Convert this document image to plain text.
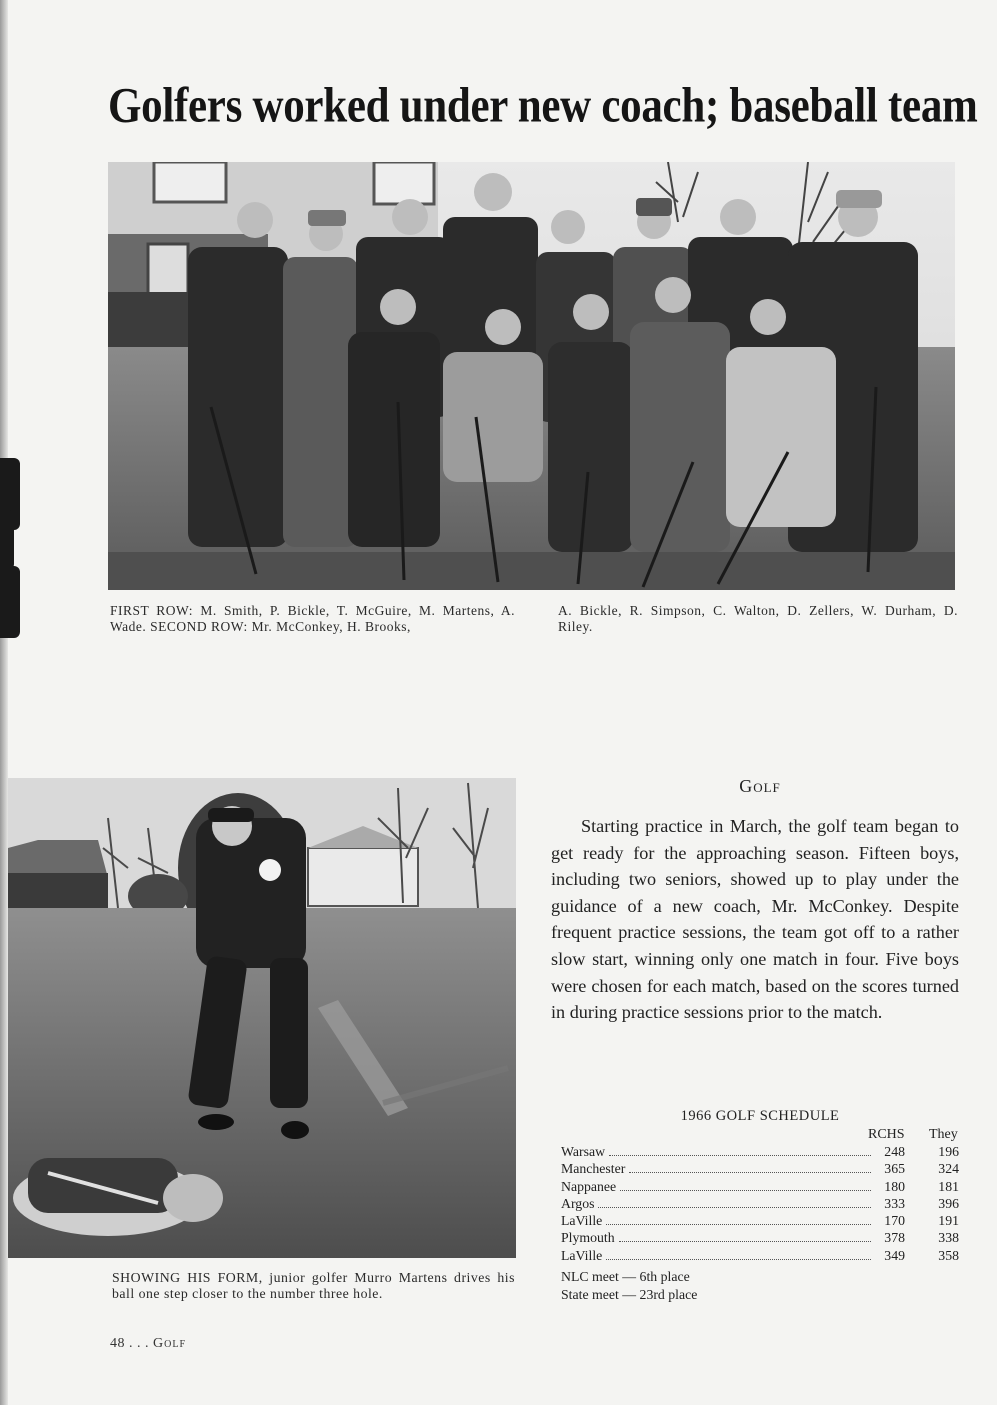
Golfers worked under new coach; baseball team
FIRST ROW: M. Smith, P. Bickle, T. McGuire, M. Martens, A. Wade. SECOND ROW: Mr. McConkey, H. Brooks,
A. Bickle, R. Simpson, C. Walton, D. Zellers, W. Durham, D. Riley.
SHOWING HIS FORM, junior golfer Murro Martens drives his ball one step closer to the number three hole.
Golf

Starting practice in March, the golf team began to get ready for the approaching season. Fifteen boys, including two seniors, showed up to play under the guidance of a new coach, Mr. McConkey. Despite frequent practice sessions, the team got off to a rather slow start, winning only one match in four. Five boys were chosen for each match, based on the scores turned in during practice sessions prior to the match.

1966 GOLF SCHEDULE
RCHS They
Warsaw	248	196
Manchester	365	324
Nappanee	180	181
Argos	333	396
LaVille	170	191
Plymouth	378	338
LaVille	349	358
NLC meet — 6th place
State meet — 23rd place
48 . . . Golf
